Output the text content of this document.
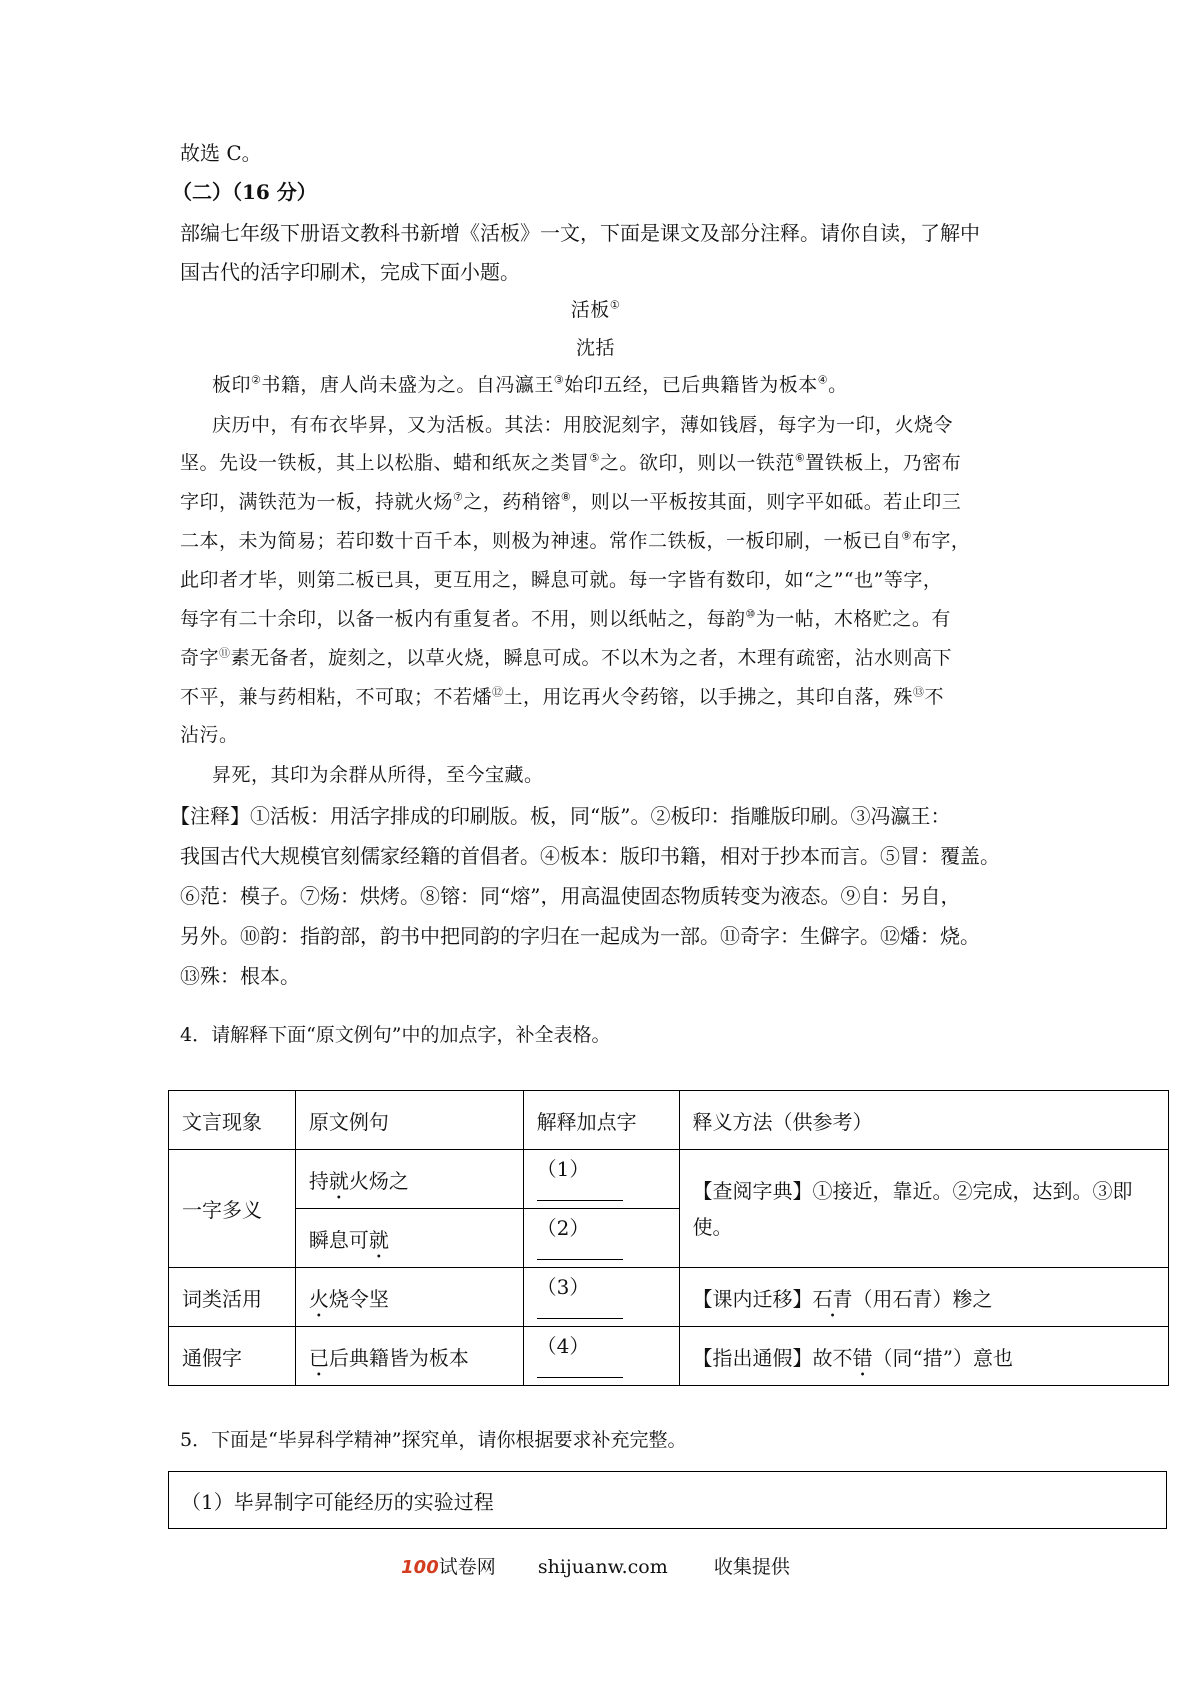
故选 C。
（二）（16 分）
部编七年级下册语文教科书新增《活板》一文，下面是课文及部分注释。请你自读，了解中
国古代的活字印刷术，完成下面小题。
活板①
沈括
板印②书籍，唐人尚未盛为之。自冯瀛王③始印五经，已后典籍皆为板本④。
庆历中，有布衣毕昇，又为活板。其法：用胶泥刻字，薄如钱唇，每字为一印，火烧令
坚。先设一铁板，其上以松脂、蜡和纸灰之类冒⑤之。欲印，则以一铁范⑥置铁板上，乃密布
字印，满铁范为一板，持就火炀⑦之，药稍镕⑧，则以一平板按其面，则字平如砥。若止印三
二本，未为简易；若印数十百千本，则极为神速。常作二铁板，一板印刷，一板已自⑨布字，
此印者才毕，则第二板已具，更互用之，瞬息可就。每一字皆有数印，如“之”“也”等字，
每字有二十余印，以备一板内有重复者。不用，则以纸帖之，每韵⑩为一帖，木格贮之。有
奇字⑪素无备者，旋刻之，以草火烧，瞬息可成。不以木为之者，木理有疏密，沾水则高下
不平，兼与药相粘，不可取；不若燔⑫土，用讫再火令药镕，以手拂之，其印自落，殊⑬不
沾污。
昇死，其印为余群从所得，至今宝藏。
【注释】①活板：用活字排成的印刷版。板，同“版”。②板印：指雕版印刷。③冯瀛王：
我国古代大规模官刻儒家经籍的首倡者。④板本：版印书籍，相对于抄本而言。⑤冒：覆盖。
⑥范：模子。⑦炀：烘烤。⑧镕：同“熔”，用高温使固态物质转变为液态。⑨自：另自，
另外。⑩韵：指韵部，韵书中把同韵的字归在一起成为一部。⑪奇字：生僻字。⑫燔：烧。
⑬殊：根本。
4．请解释下面“原文例句”中的加点字，补全表格。
文言现象	原文例句	解释加点字	释义方法（供参考）
一字多义	持就火炀之	（1）	【查阅字典】①接近，靠近。②完成，达到。③即使。
	瞬息可就	（2）	
词类活用	火烧令坚	（3）	【课内迁移】石青（用石青）糁之
通假字	已后典籍皆为板本	（4）	【指出通假】故不错（同“措”）意也
5．下面是“毕昇科学精神”探究单，请你根据要求补充完整。
（1）毕昇制字可能经历的实验过程
100试卷网 shijuanw.com 收集提供
